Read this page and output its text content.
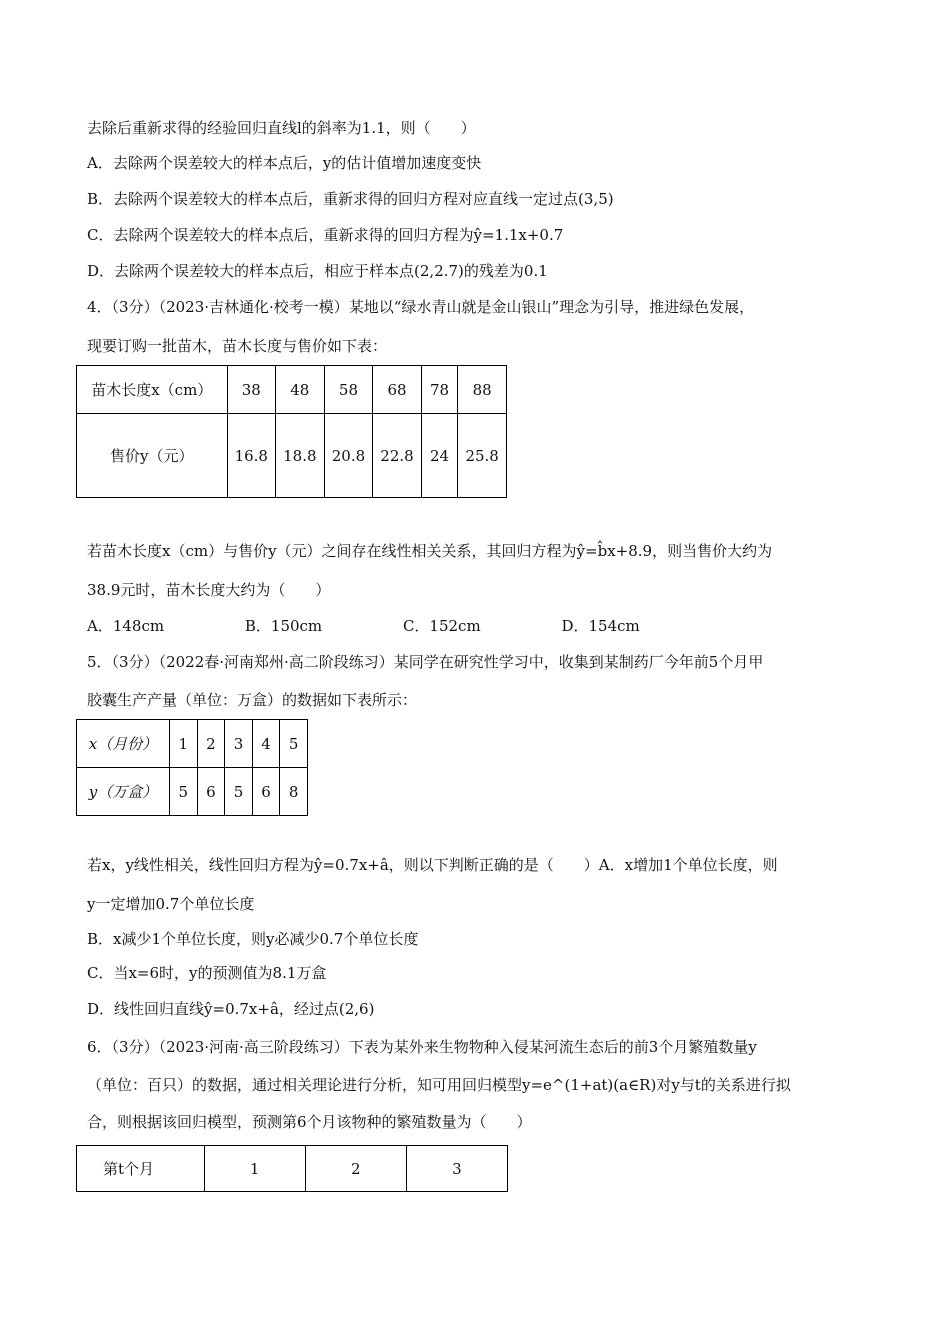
去除后重新求得的经验回归直线l的斜率为1.1，则（　　）
A．去除两个误差较大的样本点后，y的估计值增加速度变快
B．去除两个误差较大的样本点后，重新求得的回归方程对应直线一定过点(3,5)
C．去除两个误差较大的样本点后，重新求得的回归方程为ŷ=1.1x+0.7
D．去除两个误差较大的样本点后，相应于样本点(2,2.7)的残差为0.1
4．（3分）（2023·吉林通化·校考一模）某地以“绿水青山就是金山银山”理念为引导，推进绿色发展，
现要订购一批苗木，苗木长度与售价如下表：
苗木长度x（cm）	38	48	58	68	78	88
售价y（元）	16.8	18.8	20.8	22.8	24	25.8
若苗木长度x（cm）与售价y（元）之间存在线性相关关系，其回归方程为ŷ=b̂x+8.9，则当售价大约为
38.9元时，苗木长度大约为（　　）
A．148cm	B．150cm	C．152cm	D．154cm
5．（3分）（2022春·河南郑州·高二阶段练习）某同学在研究性学习中，收集到某制药厂今年前5个月甲
胶囊生产产量（单位：万盒）的数据如下表所示：
x（月份）	1	2	3	4	5
y（万盒）	5	6	5	6	8
若x，y线性相关，线性回归方程为ŷ=0.7x+â，则以下判断正确的是（　　）A．x增加1个单位长度，则
y一定增加0.7个单位长度
B．x减少1个单位长度，则y必减少0.7个单位长度
C．当x=6时，y的预测值为8.1万盒
D．线性回归直线ŷ=0.7x+â，经过点(2,6)
6．（3分）（2023·河南·高三阶段练习）下表为某外来生物物种入侵某河流生态后的前3个月繁殖数量y
（单位：百只）的数据，通过相关理论进行分析，知可用回归模型y=e^(1+at)(a∈R)对y与t的关系进行拟
合，则根据该回归模型，预测第6个月该物种的繁殖数量为（　　）
第t个月	1	2	3
